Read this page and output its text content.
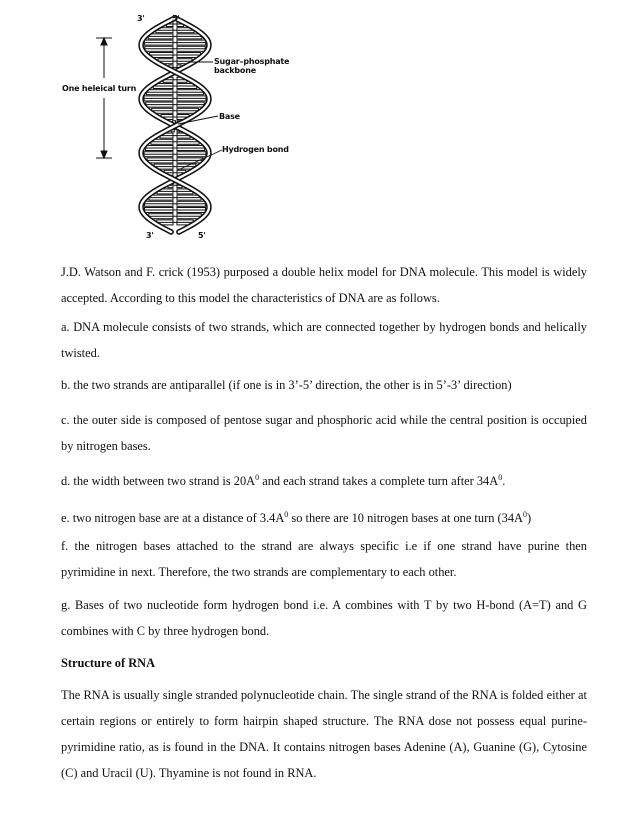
3'	5'
Sugar–phosphate
backbone
One heleical turn
Base
Hydrogen bond
3'	5'

J.D. Watson and F. crick (1953) purposed a double helix model for DNA molecule. This model is widely accepted. According to this model the characteristics of DNA are as follows.

a. DNA molecule consists of two strands, which are connected together by hydrogen bonds and helically twisted.

b. the two strands are antiparallel (if one is in 3’-5’ direction, the other is in 5’-3’ direction)

c. the outer side is composed of pentose sugar and phosphoric acid while the central position is occupied by nitrogen bases.

d. the width between two strand is $20A^0$ and each strand takes a complete turn after $34A^0$.

e. two nitrogen base are at a distance of $3.4A^0$ so there are 10 nitrogen bases at one turn $(34A^0)$

f. the nitrogen bases attached to the strand are always specific i.e if one strand have purine then pyrimidine in next. Therefore, the two strands are complementary to each other.

g. Bases of two nucleotide form hydrogen bond i.e. A combines with T by two H-bond (A=T) and G combines with C by three hydrogen bond.

Structure of RNA

The RNA is usually single stranded polynucleotide chain. The single strand of the RNA is folded either at certain regions or entirely to form hairpin shaped structure. The RNA dose not possess equal purine-pyrimidine ratio, as is found in the DNA. It contains nitrogen bases Adenine (A), Guanine (G), Cytosine (C) and Uracil (U). Thyamine is not found in RNA.
